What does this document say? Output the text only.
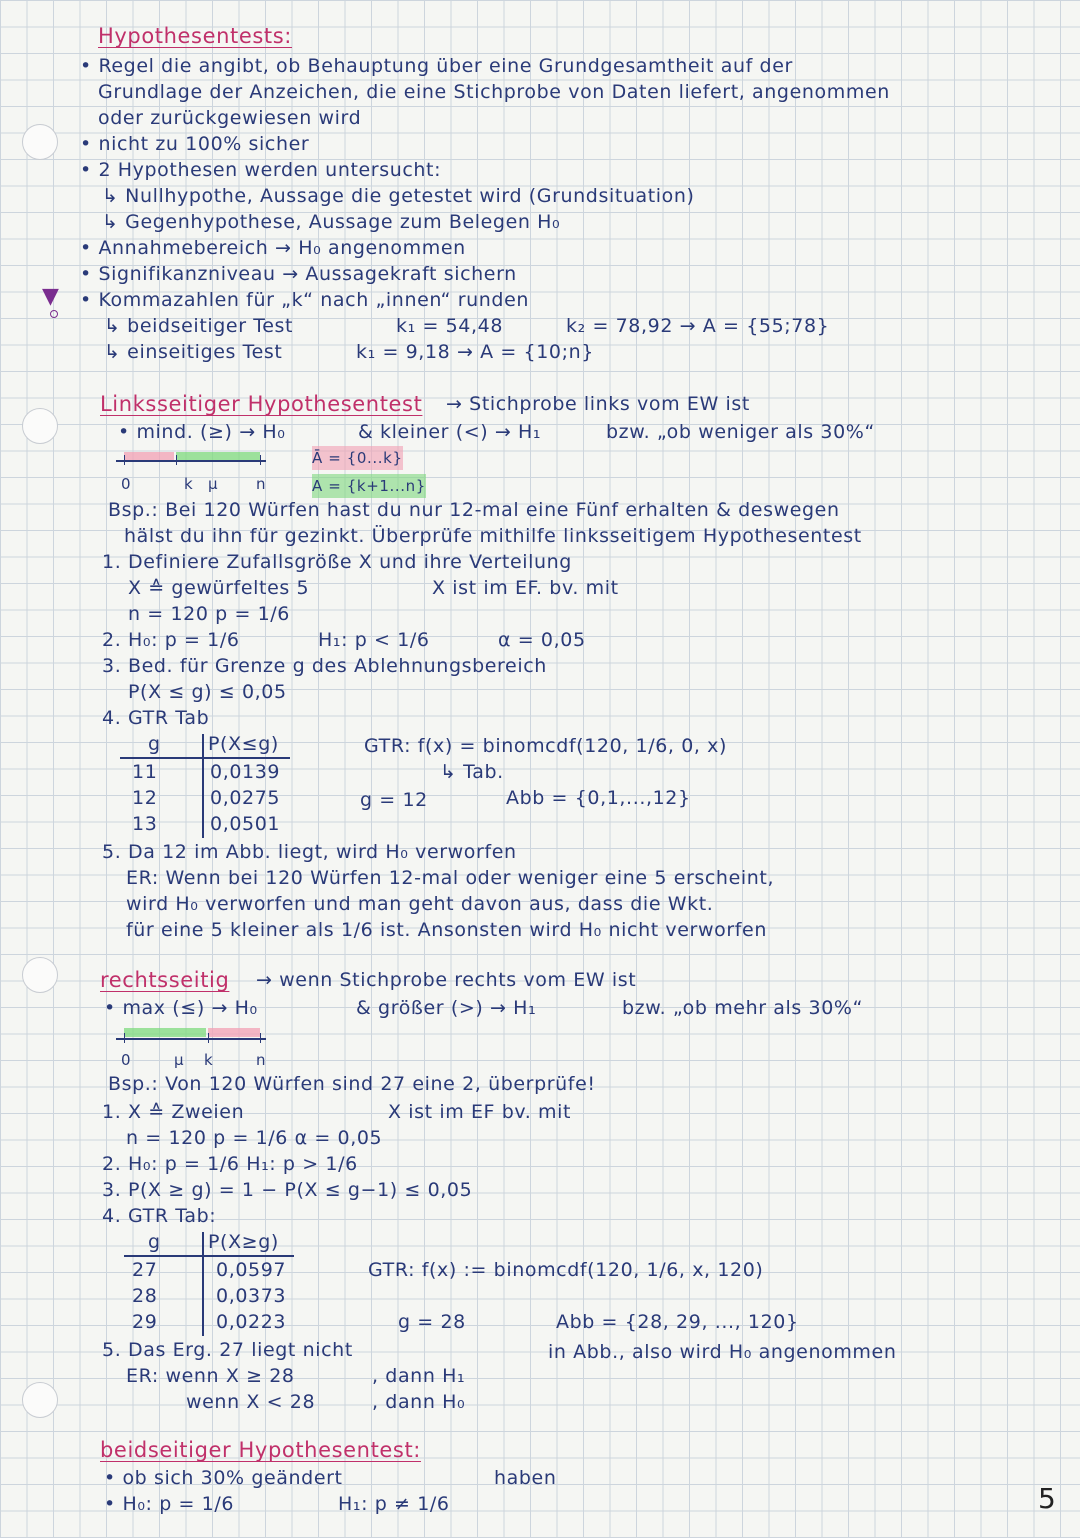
Hypothesentests:
• Regel die angibt, ob Behauptung über eine Grundgesamtheit auf der
Grundlage der Anzeichen, die eine Stichprobe von Daten liefert, angenommen
oder zurückgewiesen wird
• nicht zu 100% sicher
• 2 Hypothesen werden untersucht:
↳ Nullhypothe, Aussage die getestet wird (Grundsituation)
↳ Gegenhypothese, Aussage zum Belegen H₀
• Annahmebereich → H₀ angenommen
• Signifikanzniveau → Aussagekraft sichern
▼ • Kommazahlen für „k“ nach „innen“ runden
↳ beidseitiger Test	k₁ = 54,48	k₂ = 78,92 → A = {55;78}
↳ einseitiges Test	k₁ = 9,18 → A = {10;n}
Linksseitiger Hypothesentest → Stichprobe links vom EW ist
• mind. (≥) → H₀	& kleiner (<) → H₁	bzw. „ob weniger als 30%“
0	k μ	n
Ā = {0...k}
A = {k+1...n}
Bsp.: Bei 120 Würfen hast du nur 12-mal eine Fünf erhalten & deswegen
hälst du ihn für gezinkt. Überprüfe mithilfe linksseitigem Hypothesentest
1. Definiere Zufallsgröße X und ihre Verteilung
X ≙ gewürfeltes 5	X ist im EF. bv. mit
n = 120 p = 1/6
2. H₀: p = 1/6	H₁: p < 1/6	α = 0,05
3. Bed. für Grenze g des Ablehnungsbereich
P(X ≤ g) ≤ 0,05
4. GTR Tab
g P(X≤g)
11	0,0139
12	0,0275
13	0,0501
GTR: f(x) = binomcdf(120, 1/6, 0, x)
↳ Tab.
g = 12	Abb = {0,1,...,12}
5. Da 12 im Abb. liegt, wird H₀ verworfen
ER: Wenn bei 120 Würfen 12-mal oder weniger eine 5 erscheint,
wird H₀ verworfen und man geht davon aus, dass die Wkt.
für eine 5 kleiner als 1/6 ist. Ansonsten wird H₀ nicht verworfen
rechtsseitig → wenn Stichprobe rechts vom EW ist
• max (≤) → H₀	& größer (>) → H₁	bzw. „ob mehr als 30%“
0	μ k	n
Bsp.: Von 120 Würfen sind 27 eine 2, überprüfe!
1. X ≙ Zweien	X ist im EF bv. mit
n = 120 p = 1/6 α = 0,05
2. H₀: p = 1/6 H₁: p > 1/6
3. P(X ≥ g) = 1 − P(X ≤ g−1) ≤ 0,05
4. GTR Tab:
g P(X≥g)
27	0,0597
28	0,0373
29	0,0223
GTR: f(x) := binomcdf(120, 1/6, x, 120)
g = 28	Abb = {28, 29, ..., 120}
5. Das Erg. 27 liegt nicht	in Abb., also wird H₀ angenommen
ER: wenn X ≥ 28	, dann H₁
wenn X < 28	, dann H₀
beidseitiger Hypothesentest:
• ob sich 30% geändert	haben
• H₀: p = 1/6	H₁: p ≠ 1/6	5
